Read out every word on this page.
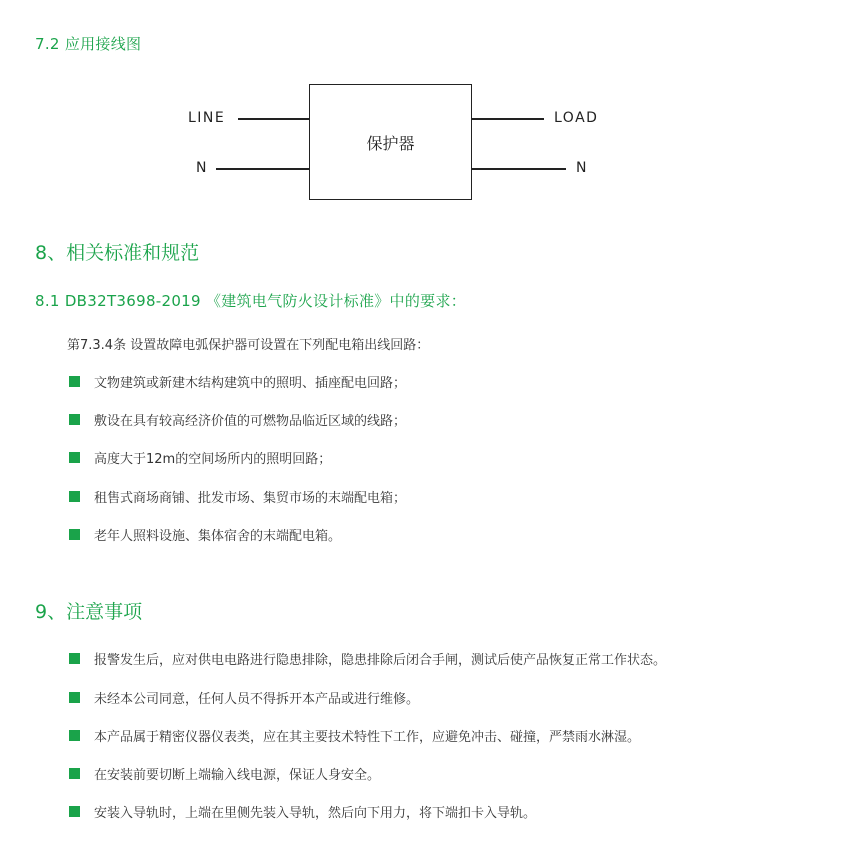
7.2 应用接线图
LINE
N
保护器
LOAD
N
8、相关标准和规范
8.1 DB32T3698-2019 《建筑电气防火设计标准》中的要求：
第7.3.4条 设置故障电弧保护器可设置在下列配电箱出线回路：
文物建筑或新建木结构建筑中的照明、插座配电回路；
敷设在具有较高经济价值的可燃物品临近区域的线路；
高度大于12m的空间场所内的照明回路；
租售式商场商铺、批发市场、集贸市场的末端配电箱；
老年人照料设施、集体宿舍的末端配电箱。
9、注意事项
报警发生后，应对供电电路进行隐患排除，隐患排除后闭合手闸，测试后使产品恢复正常工作状态。
未经本公司同意，任何人员不得拆开本产品或进行维修。
本产品属于精密仪器仪表类，应在其主要技术特性下工作，应避免冲击、碰撞，严禁雨水淋湿。
在安装前要切断上端输入线电源，保证人身安全。
安装入导轨时，上端在里侧先装入导轨，然后向下用力，将下端扣卡入导轨。
